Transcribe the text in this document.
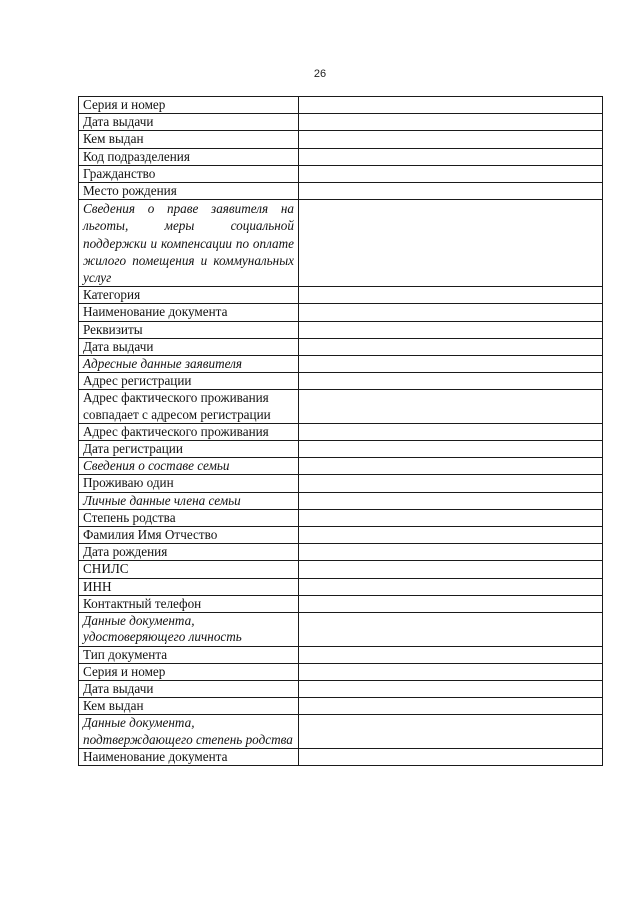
26
Серия и номер	
Дата выдачи	
Кем выдан	
Код подразделения	
Гражданство	
Место рождения	
Сведения о праве заявителя на льготы, меры социальной поддержки и компенсации по оплате жилого помещения и коммунальных услуг	
Категория	
Наименование документа	
Реквизиты	
Дата выдачи	
Адресные данные заявителя	
Адрес регистрации	
Адрес фактического проживания совпадает с адресом регистрации	
Адрес фактического проживания	
Дата регистрации	
Сведения о составе семьи	
Проживаю один	
Личные данные члена семьи	
Степень родства	
Фамилия Имя Отчество	
Дата рождения	
СНИЛС	
ИНН	
Контактный телефон	
Данные документа, удостоверяющего личность	
Тип документа	
Серия и номер	
Дата выдачи	
Кем выдан	
Данные документа, подтверждающего степень родства	
Наименование документа	
